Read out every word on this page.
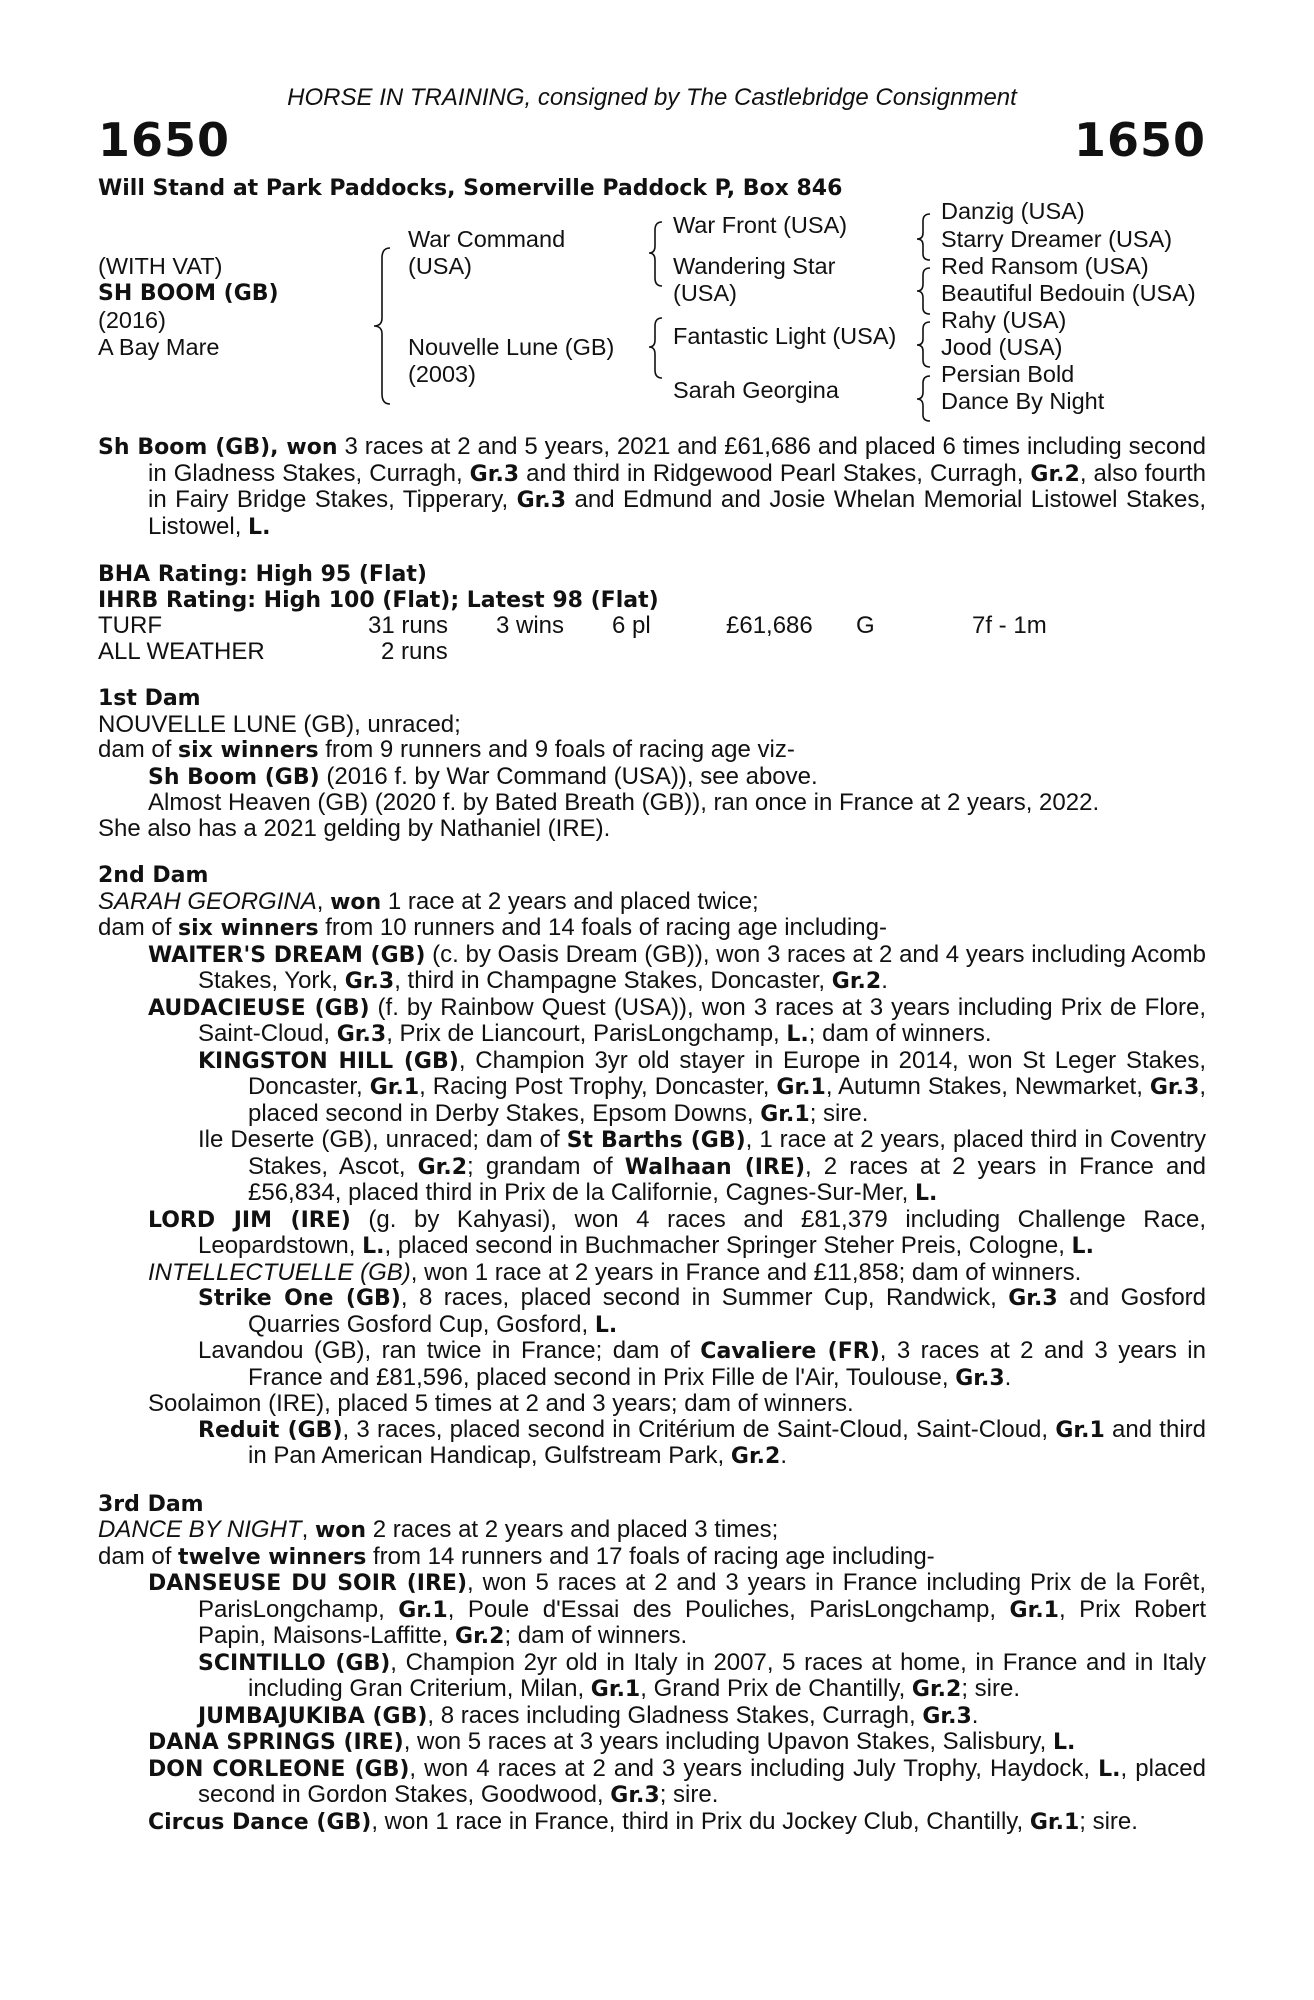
HORSE IN TRAINING, consigned by The Castlebridge Consignment
1650	1650
Will Stand at Park Paddocks, Somerville Paddock P, Box 846
(WITH VAT)
SH BOOM (GB)
(2016)
A Bay Mare
War Command
(USA)
Nouvelle Lune (GB)
(2003)
War Front (USA)
Wandering Star
(USA)
Fantastic Light (USA)
Sarah Georgina
Danzig (USA)
Starry Dreamer (USA)
Red Ransom (USA)
Beautiful Bedouin (USA)
Rahy (USA)
Jood (USA)
Persian Bold
Dance By Night
Sh Boom (GB), won 3 races at 2 and 5 years, 2021 and £61,686 and placed 6 times including second in Gladness Stakes, Curragh, Gr.3 and third in Ridgewood Pearl Stakes, Curragh, Gr.2, also fourth in Fairy Bridge Stakes, Tipperary, Gr.3 and Edmund and Josie Whelan Memorial Listowel Stakes, Listowel, L.
BHA Rating: High 95 (Flat)
IHRB Rating: High 100 (Flat); Latest 98 (Flat)
TURF	31 runs 3 wins 6 pl	£61,686 G	7f - 1m
ALL WEATHER	2 runs
1st Dam
NOUVELLE LUNE (GB), unraced;
dam of six winners from 9 runners and 9 foals of racing age viz-
Sh Boom (GB) (2016 f. by War Command (USA)), see above.
Almost Heaven (GB) (2020 f. by Bated Breath (GB)), ran once in France at 2 years, 2022.
She also has a 2021 gelding by Nathaniel (IRE).
2nd Dam
SARAH GEORGINA, won 1 race at 2 years and placed twice;
dam of six winners from 10 runners and 14 foals of racing age including-
WAITER'S DREAM (GB) (c. by Oasis Dream (GB)), won 3 races at 2 and 4 years including Acomb Stakes, York, Gr.3, third in Champagne Stakes, Doncaster, Gr.2.
AUDACIEUSE (GB) (f. by Rainbow Quest (USA)), won 3 races at 3 years including Prix de Flore, Saint-Cloud, Gr.3, Prix de Liancourt, ParisLongchamp, L.; dam of winners.
KINGSTON HILL (GB), Champion 3yr old stayer in Europe in 2014, won St Leger Stakes, Doncaster, Gr.1, Racing Post Trophy, Doncaster, Gr.1, Autumn Stakes, Newmarket, Gr.3, placed second in Derby Stakes, Epsom Downs, Gr.1; sire.
Ile Deserte (GB), unraced; dam of St Barths (GB), 1 race at 2 years, placed third in Coventry Stakes, Ascot, Gr.2; grandam of Walhaan (IRE), 2 races at 2 years in France and £56,834, placed third in Prix de la Californie, Cagnes-Sur-Mer, L.
LORD JIM (IRE) (g. by Kahyasi), won 4 races and £81,379 including Challenge Race, Leopardstown, L., placed second in Buchmacher Springer Steher Preis, Cologne, L.
INTELLECTUELLE (GB), won 1 race at 2 years in France and £11,858; dam of winners.
Strike One (GB), 8 races, placed second in Summer Cup, Randwick, Gr.3 and Gosford Quarries Gosford Cup, Gosford, L.
Lavandou (GB), ran twice in France; dam of Cavaliere (FR), 3 races at 2 and 3 years in France and £81,596, placed second in Prix Fille de l'Air, Toulouse, Gr.3.
Soolaimon (IRE), placed 5 times at 2 and 3 years; dam of winners.
Reduit (GB), 3 races, placed second in Critérium de Saint-Cloud, Saint-Cloud, Gr.1 and third in Pan American Handicap, Gulfstream Park, Gr.2.
3rd Dam
DANCE BY NIGHT, won 2 races at 2 years and placed 3 times;
dam of twelve winners from 14 runners and 17 foals of racing age including-
DANSEUSE DU SOIR (IRE), won 5 races at 2 and 3 years in France including Prix de la Forêt, ParisLongchamp, Gr.1, Poule d'Essai des Pouliches, ParisLongchamp, Gr.1, Prix Robert Papin, Maisons-Laffitte, Gr.2; dam of winners.
SCINTILLO (GB), Champion 2yr old in Italy in 2007, 5 races at home, in France and in Italy including Gran Criterium, Milan, Gr.1, Grand Prix de Chantilly, Gr.2; sire.
JUMBAJUKIBA (GB), 8 races including Gladness Stakes, Curragh, Gr.3.
DANA SPRINGS (IRE), won 5 races at 3 years including Upavon Stakes, Salisbury, L.
DON CORLEONE (GB), won 4 races at 2 and 3 years including July Trophy, Haydock, L., placed second in Gordon Stakes, Goodwood, Gr.3; sire.
Circus Dance (GB), won 1 race in France, third in Prix du Jockey Club, Chantilly, Gr.1; sire.
